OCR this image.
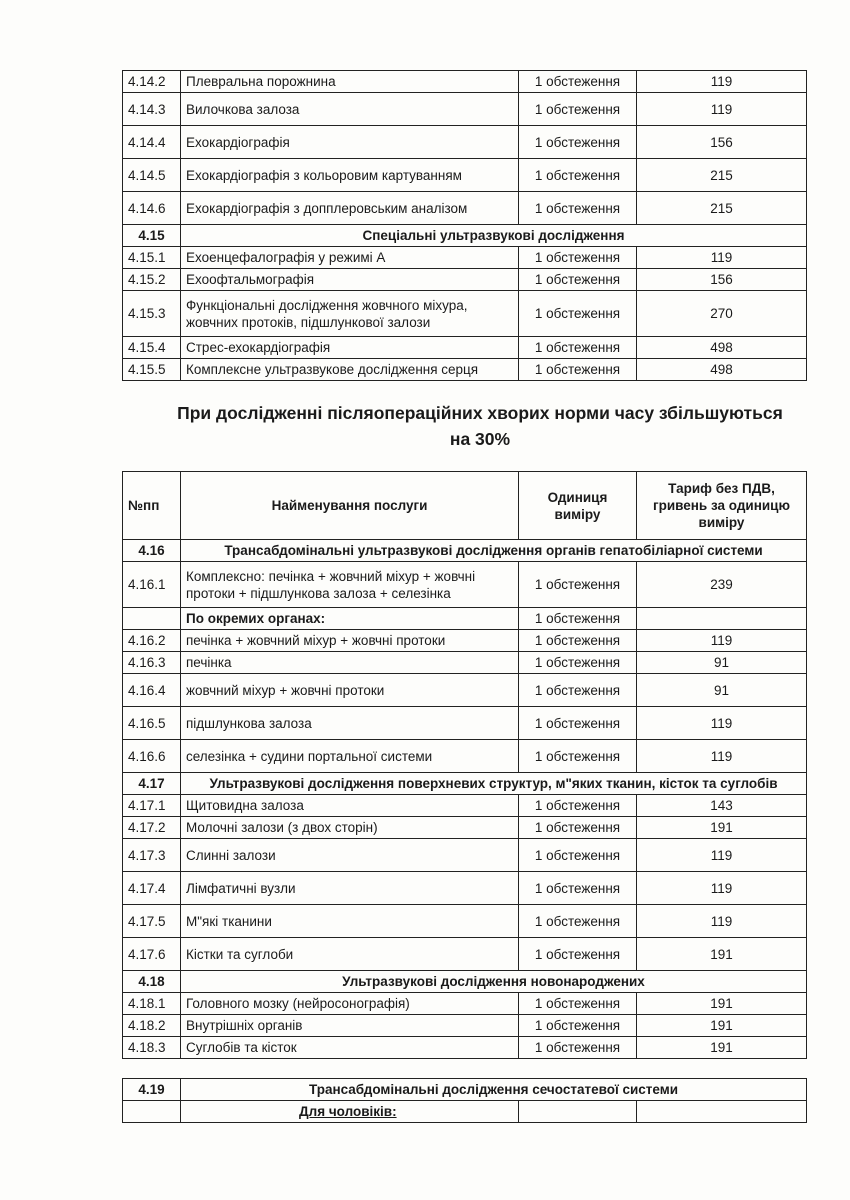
4.14.2	Плевральна порожнина	1 обстеження	119
4.14.3	Вилочкова залоза	1 обстеження	119
4.14.4	Ехокардіографія	1 обстеження	156
4.14.5	Ехокардіографія з кольоровим картуванням	1 обстеження	215
4.14.6	Ехокардіографія з допплеровським аналізом	1 обстеження	215
4.15	Спеціальні ультразвукові дослідження		
4.15.1	Ехоенцефалографія у режимі А	1 обстеження	119
4.15.2	Ехоофтальмографія	1 обстеження	156
4.15.3	Функціональні дослідження жовчного міхура, жовчних протоків, підшлункової залози	1 обстеження	270
4.15.4	Стрес-ехокардіографія	1 обстеження	498
4.15.5	Комплексне ультразвукове дослідження серця	1 обстеження	498
При дослідженні післяопераційних хворих норми часу збільшуються
на 30%
№пп	Найменування послуги	Одиниця виміру	Тариф без ПДВ, гривень за одиницю виміру
4.16	Трансабдомінальні ультразвукові дослідження органів гепатобіліарної системи		
4.16.1	Комплексно: печінка + жовчний міхур + жовчні протоки + підшлункова залоза + селезінка	1 обстеження	239
	По окремих органах:	1 обстеження	
4.16.2	печінка + жовчний міхур + жовчні протоки	1 обстеження	119
4.16.3	печінка	1 обстеження	91
4.16.4	жовчний міхур + жовчні протоки	1 обстеження	91
4.16.5	підшлункова залоза	1 обстеження	119
4.16.6	селезінка + судини портальної системи	1 обстеження	119
4.17	Ультразвукові дослідження поверхневих структур, м"яких тканин, кісток та суглобів		
4.17.1	Щитовидна залоза	1 обстеження	143
4.17.2	Молочні залози (з двох сторін)	1 обстеження	191
4.17.3	Слинні залози	1 обстеження	119
4.17.4	Лімфатичні вузли	1 обстеження	119
4.17.5	М"які тканини	1 обстеження	119
4.17.6	Кістки та суглоби	1 обстеження	191
4.18	Ультразвукові дослідження новонароджених		
4.18.1	Головного мозку (нейросонографія)	1 обстеження	191
4.18.2	Внутрішніх органів	1 обстеження	191
4.18.3	Суглобів та кісток	1 обстеження	191
4.19	Трансабдомінальні дослідження сечостатевої системи		
	Для чоловіків:		
